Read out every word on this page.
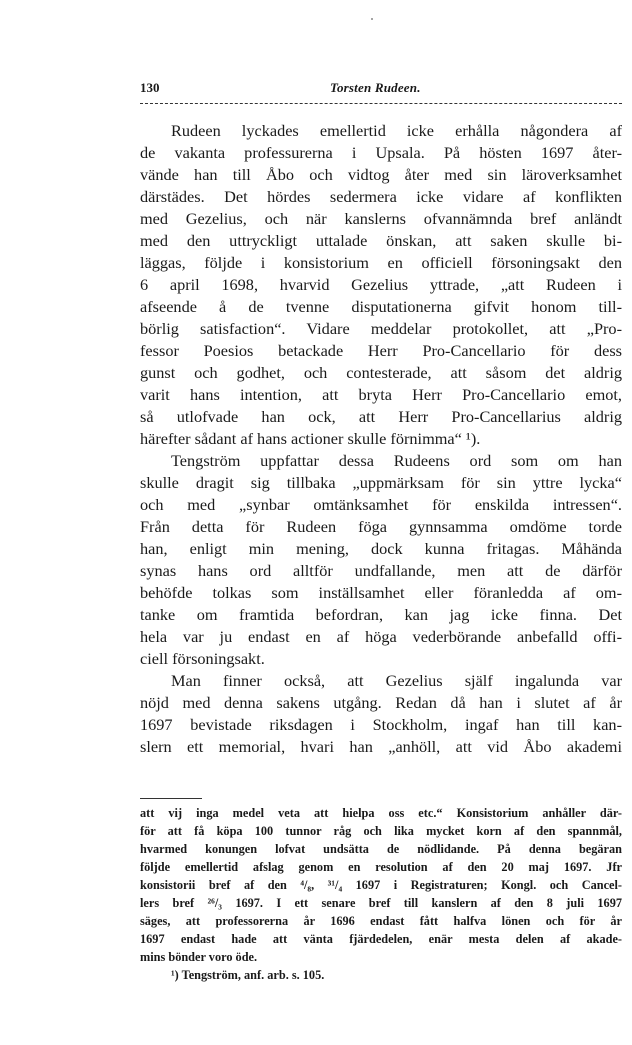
130	Torsten Rudeen.
Rudeen lyckades emellertid icke erhålla någondera af
de vakanta professurerna i Upsala. På hösten 1697 åter-
vände han till Åbo och vidtog åter med sin läroverksamhet
därstädes. Det hördes sedermera icke vidare af konflikten
med Gezelius, och när kanslerns ofvannämnda bref anländt
med den uttryckligt uttalade önskan, att saken skulle bi-
läggas, följde i konsistorium en officiell försoningsakt den
6 april 1698, hvarvid Gezelius yttrade, „att Rudeen i
afseende å de tvenne disputationerna gifvit honom till-
börlig satisfaction“. Vidare meddelar protokollet, att „Pro-
fessor Poesios betackade Herr Pro-Cancellario för dess
gunst och godhet, och contesterade, att såsom det aldrig
varit hans intention, att bryta Herr Pro-Cancellario emot,
så utlofvade han ock, att Herr Pro-Cancellarius aldrig
härefter sådant af hans actioner skulle förnimma“ ¹).
Tengström uppfattar dessa Rudeens ord som om han
skulle dragit sig tillbaka „uppmärksam för sin yttre lycka“
och med „synbar omtänksamhet för enskilda intressen“.
Från detta för Rudeen föga gynnsamma omdöme torde
han, enligt min mening, dock kunna fritagas. Måhända
synas hans ord alltför undfallande, men att de därför
behöfde tolkas som inställsamhet eller föranledda af om-
tanke om framtida befordran, kan jag icke finna. Det
hela var ju endast en af höga vederbörande anbefalld offi-
ciell försoningsakt.
Man finner också, att Gezelius själf ingalunda var
nöjd med denna sakens utgång. Redan då han i slutet af år
1697 bevistade riksdagen i Stockholm, ingaf han till kan-
slern ett memorial, hvari han „anhöll, att vid Åbo akademi
att vij inga medel veta att hielpa oss etc.“ Konsistorium anhåller där-
för att få köpa 100 tunnor råg och lika mycket korn af den spannmål,
hvarmed konungen lofvat undsätta de nödlidande. På denna begäran
följde emellertid afslag genom en resolution af den 20 maj 1697. Jfr
konsistorii bref af den ⁴/₈, ³¹/₄ 1697 i Registraturen; Kongl. och Cancel-
lers bref ²⁶/₃ 1697. I ett senare bref till kanslern af den 8 juli 1697
säges, att professorerna år 1696 endast fått halfva lönen och för år
1697 endast hade att vänta fjärdedelen, enär mesta delen af akade-
mins bönder voro öde.
¹) Tengström, anf. arb. s. 105.
